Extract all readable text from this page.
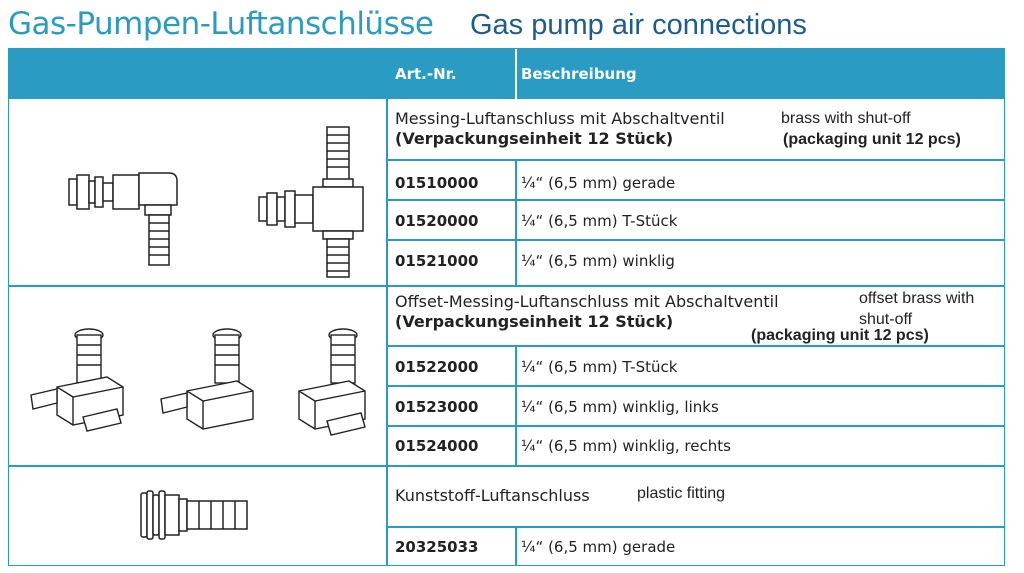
Gas-Pumpen-Luftanschlüsse Gas pump air connections
Art.-Nr.	Beschreibung
Messing-Luftanschluss mit Abschaltventil
(Verpackungseinheit 12 Stück)
brass with shut-off
(packaging unit 12 pcs)
01510000	¼“ (6,5 mm) gerade
01520000	¼“ (6,5 mm) T-Stück
01521000	¼“ (6,5 mm) winklig
Offset-Messing-Luftanschluss mit Abschaltventil
(Verpackungseinheit 12 Stück)
offset brass with
shut-off
(packaging unit 12 pcs)
01522000	¼“ (6,5 mm) T-Stück
01523000	¼“ (6,5 mm) winklig, links
01524000	¼“ (6,5 mm) winklig, rechts
Kunststoff-Luftanschluss	plastic fitting
20325033	¼“ (6,5 mm) gerade
